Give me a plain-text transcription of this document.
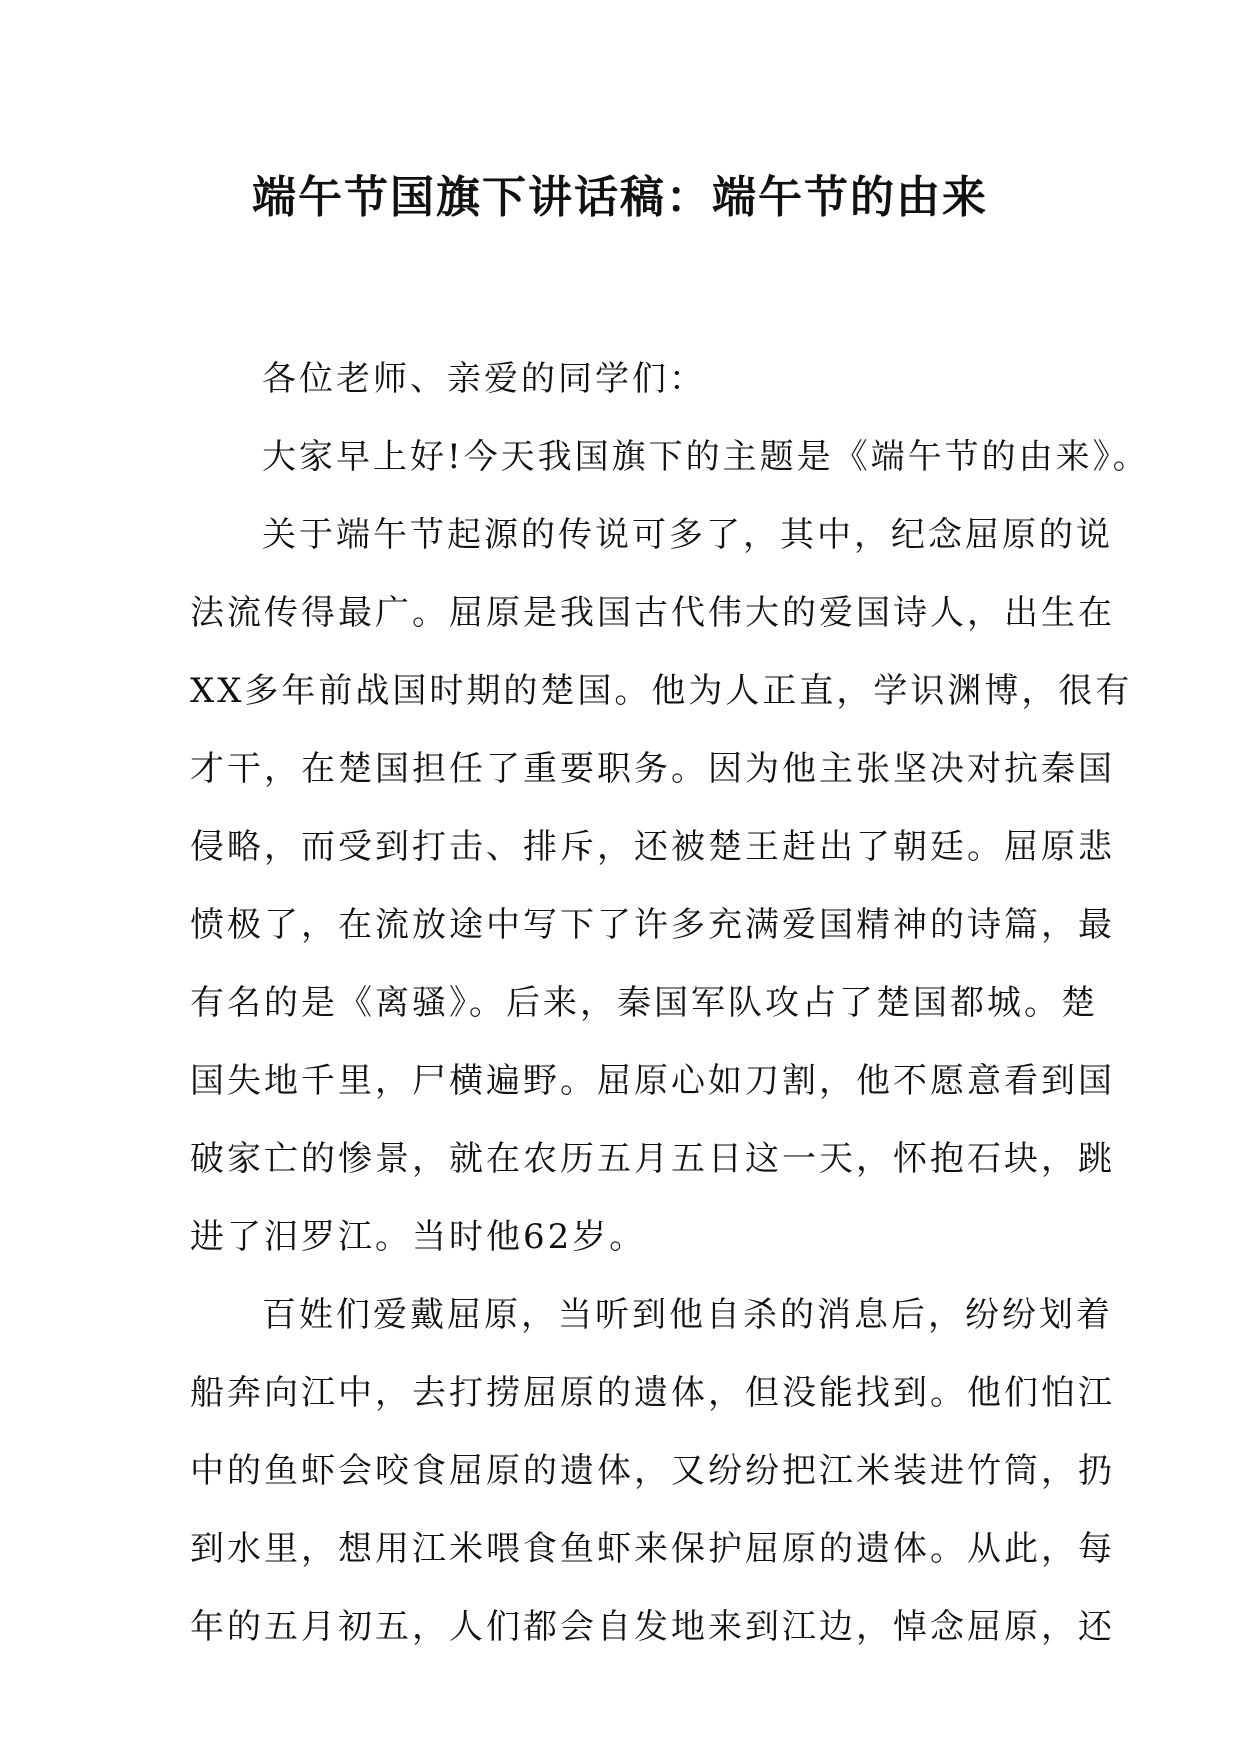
端午节国旗下讲话稿：端午节的由来
各位老师、亲爱的同学们：
大家早上好!今天我国旗下的主题是《端午节的由来》。
关于端午节起源的传说可多了，其中，纪念屈原的说
法流传得最广。屈原是我国古代伟大的爱国诗人，出生在
XX多年前战国时期的楚国。他为人正直，学识渊博，很有
才干，在楚国担任了重要职务。因为他主张坚决对抗秦国
侵略，而受到打击、排斥，还被楚王赶出了朝廷。屈原悲
愤极了，在流放途中写下了许多充满爱国精神的诗篇，最
有名的是《离骚》。后来，秦国军队攻占了楚国都城。楚
国失地千里，尸横遍野。屈原心如刀割，他不愿意看到国
破家亡的惨景，就在农历五月五日这一天，怀抱石块，跳
进了汨罗江。当时他62岁。
百姓们爱戴屈原，当听到他自杀的消息后，纷纷划着
船奔向江中，去打捞屈原的遗体，但没能找到。他们怕江
中的鱼虾会咬食屈原的遗体，又纷纷把江米装进竹筒，扔
到水里，想用江米喂食鱼虾来保护屈原的遗体。从此，每
年的五月初五，人们都会自发地来到江边，悼念屈原，还
